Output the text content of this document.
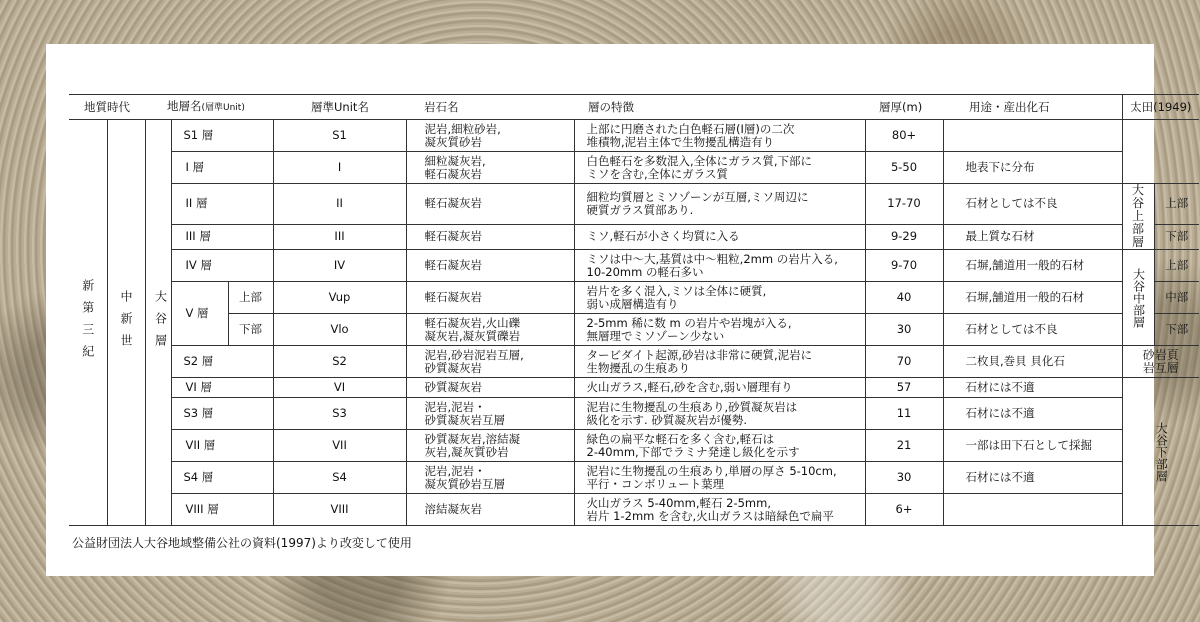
地質時代		地層名(層準Unit)			層準Unit名	岩石名	層の特徴	層厚(m)	用途・産出化石	太田(1949)	

新第三紀	中新世	大谷層	S1 層		S1	泥岩,細粒砂岩,
凝灰質砂岩	上部に円磨された白色軽石層(I層)の二次
堆積物,泥岩主体で生物擾乱構造有り	80+			
			I 層		I	細粒凝灰岩,
軽石凝灰岩	白色軽石を多数混入,全体にガラス質,下部に
ミソを含む,全体にガラス質	5-50	地表下に分布		
			II 層		II	軽石凝灰岩	細粒均質層とミソゾーンが互層,ミソ周辺に
硬質ガラス質部あり.	17-70	石材としては不良	大谷
上部
層	上部
			III 層		III	軽石凝灰岩	ミソ,軽石が小さく均質に入る	9-29	最上質な石材		下部
			IV 層		IV	軽石凝灰岩	ミソは中〜大,基質は中〜粗粒,2mm の岩片入る,
10-20mm の軽石多い	9-70	石塀,舗道用一般的石材	大谷中部層	上部
			V 層	上部	Vup	軽石凝灰岩	岩片を多く混入,ミソは全体に硬質,
弱い成層構造有り	40	石塀,舗道用一般的石材		中部
				下部	Vlo	軽石凝灰岩,火山礫
凝灰岩,凝灰質礫岩	2-5mm 稀に数 m の岩片や岩塊が入る,
無層理でミソゾーン少ない	30	石材としては不良		下部
			S2 層		S2	泥岩,砂岩泥岩互層,
砂質凝灰岩	タービダイト起源,砂岩は非常に硬質,泥岩に
生物擾乱の生痕あり	70	二枚貝,巻貝 貝化石	砂岩頁
岩互層	
			VI 層		VI	砂質凝灰岩	火山ガラス,軽石,砂を含む,弱い層理有り	57	石材には不適	大谷下部層	

			S3 層		S3	泥岩,泥岩・
砂質凝灰岩互層	泥岩に生物擾乱の生痕あり,砂質凝灰岩は
級化を示す. 砂質凝灰岩が優勢.	11	石材には不適		
			VII 層		VII	砂質凝灰岩,溶結凝
灰岩,凝灰質砂岩	緑色の扁平な軽石を多く含む,軽石は
2-40mm,下部でラミナ発達し級化を示す	21	一部は田下石として採掘		
			S4 層		S4	泥岩,泥岩・
凝灰質砂岩互層	泥岩に生物擾乱の生痕あり,単層の厚さ 5-10cm,
平行・コンボリュート葉理	30	石材には不適		
			VIII 層		VIII	溶結凝灰岩	火山ガラス 5-40mm,軽石 2-5mm,
岩片 1-2mm を含む,火山ガラスは暗緑色で扁平	6+			
公益財団法人大谷地域整備公社の資料(1997)より改変して使用
